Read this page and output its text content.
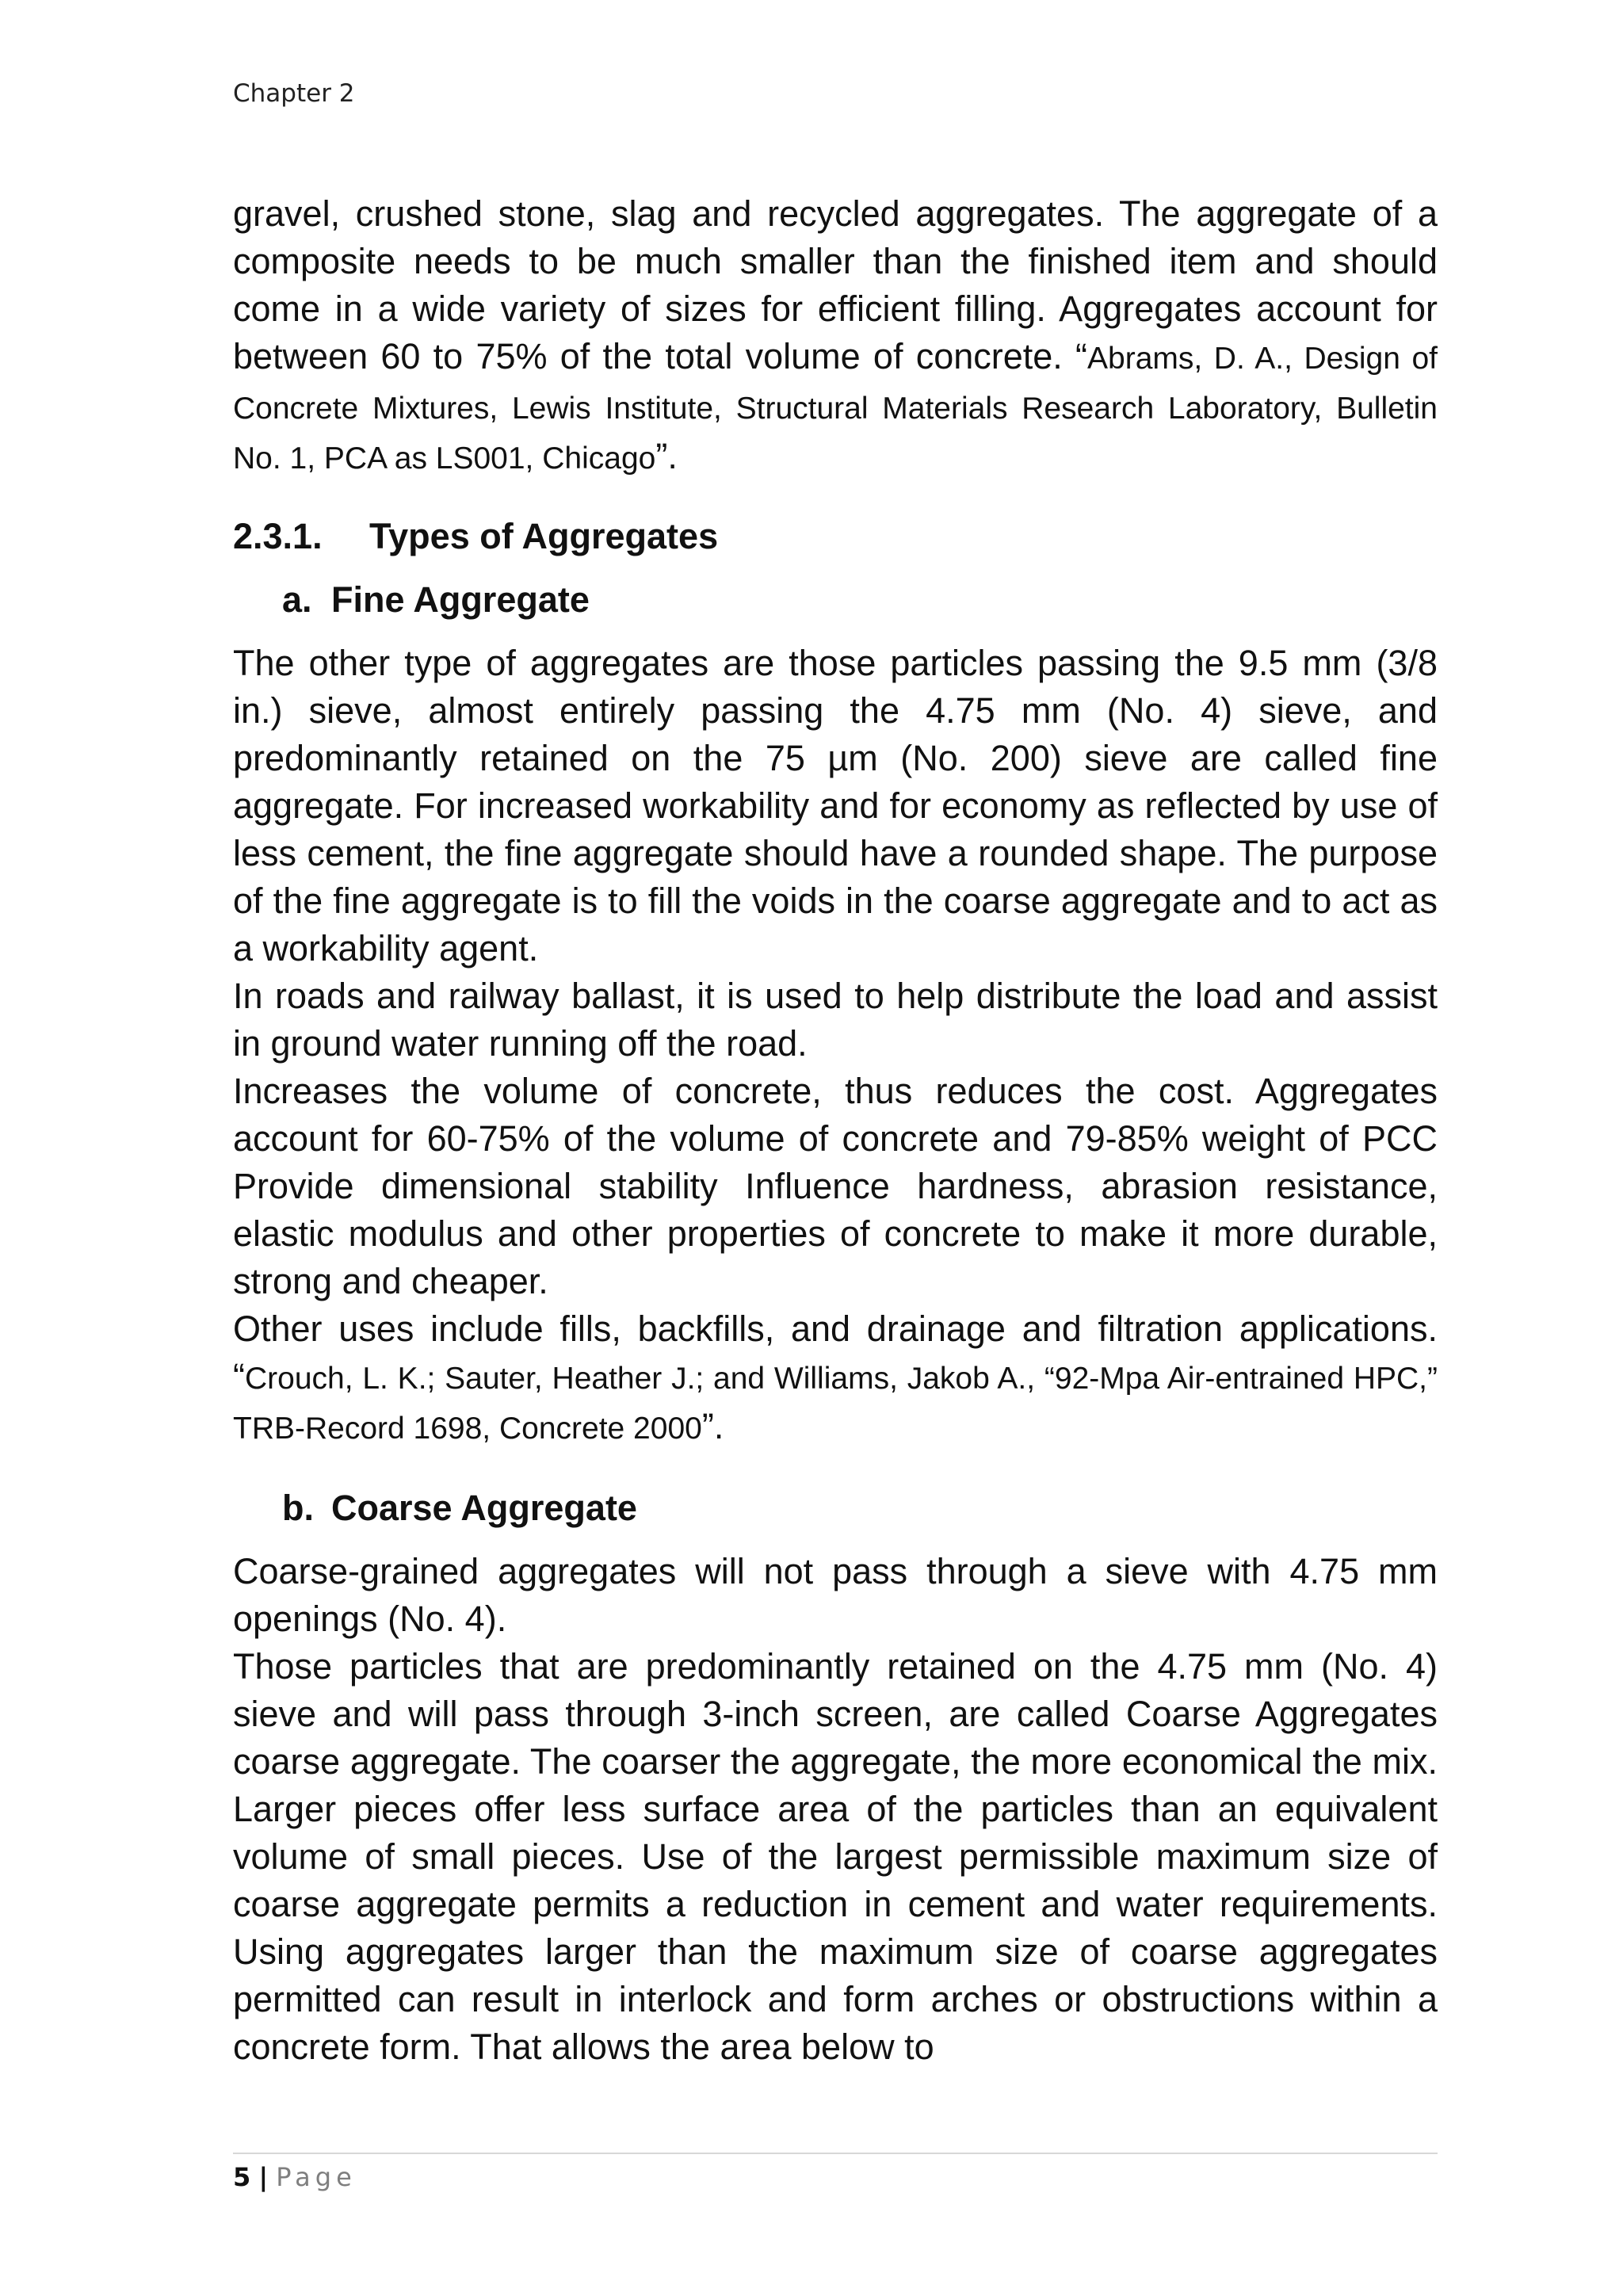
Chapter 2

gravel, crushed stone, slag and recycled aggregates. The aggregate of a composite needs to be much smaller than the finished item and should come in a wide variety of sizes for efficient filling. Aggregates account for between 60 to 75% of the total volume of concrete. “Abrams, D. A., Design of Concrete Mixtures, Lewis Institute, Structural Materials Research Laboratory, Bulletin No. 1, PCA as LS001, Chicago”.

2.3.1. Types of Aggregates
a. Fine Aggregate

The other type of aggregates are those particles passing the 9.5 mm (3/8 in.) sieve, almost entirely passing the 4.75 mm (No. 4) sieve, and predominantly retained on the 75 µm (No. 200) sieve are called fine aggregate. For increased workability and for economy as reflected by use of less cement, the fine aggregate should have a rounded shape. The purpose of the fine aggregate is to fill the voids in the coarse aggregate and to act as a workability agent.

In roads and railway ballast, it is used to help distribute the load and assist in ground water running off the road.

Increases the volume of concrete, thus reduces the cost. Aggregates account for 60-75% of the volume of concrete and 79-85% weight of PCC Provide dimensional stability Influence hardness, abrasion resistance, elastic modulus and other properties of concrete to make it more durable, strong and cheaper.

Other uses include fills, backfills, and drainage and filtration applications. “Crouch, L. K.; Sauter, Heather J.; and Williams, Jakob A., “92-Mpa Air-entrained HPC,” TRB-Record 1698, Concrete 2000”.

b. Coarse Aggregate

Coarse-grained aggregates will not pass through a sieve with 4.75 mm openings (No. 4).

Those particles that are predominantly retained on the 4.75 mm (No. 4) sieve and will pass through 3-inch screen, are called Coarse Aggregates coarse aggregate. The coarser the aggregate, the more economical the mix. Larger pieces offer less surface area of the particles than an equivalent volume of small pieces. Use of the largest permissible maximum size of coarse aggregate permits a reduction in cement and water requirements. Using aggregates larger than the maximum size of coarse aggregates permitted can result in interlock and form arches or obstructions within a concrete form. That allows the area below to

5 | Page
